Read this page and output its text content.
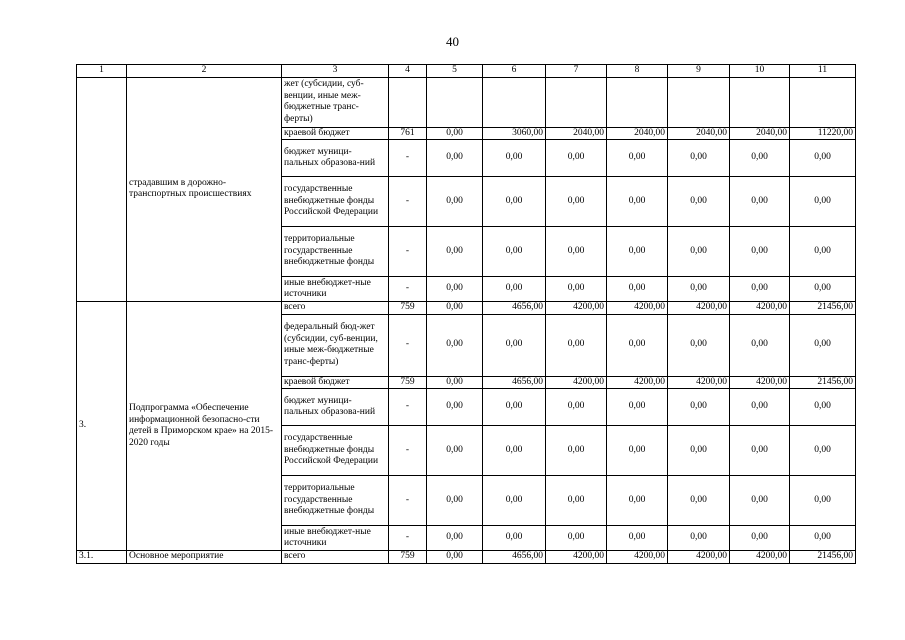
40
1	2	3	4	5	6	7	8	9	10	11
	страдавшим в дорожно-транспортных происшествиях	жет (субсидии, суб-венции, иные меж-бюджетные транс-ферты)								
		краевой бюджет	761	0,00	3060,00	2040,00	2040,00	2040,00	2040,00	11220,00
		бюджет муници-пальных образова-ний	-	0,00	0,00	0,00	0,00	0,00	0,00	0,00
		государственные внебюджетные фонды Российской Федерации	-	0,00	0,00	0,00	0,00	0,00	0,00	0,00
		территориальные государственные внебюджетные фонды	-	0,00	0,00	0,00	0,00	0,00	0,00	0,00
		иные внебюджет-ные источники	-	0,00	0,00	0,00	0,00	0,00	0,00	0,00
3.	Подпрограмма «Обеспечение информационной безопасно-сти детей в Приморском крае» на 2015-2020 годы	всего	759	0,00	4656,00	4200,00	4200,00	4200,00	4200,00	21456,00
		федеральный бюд-жет (субсидии, суб-венции, иные меж-бюджетные транс-ферты)	-	0,00	0,00	0,00	0,00	0,00	0,00	0,00
		краевой бюджет	759	0,00	4656,00	4200,00	4200,00	4200,00	4200,00	21456,00
		бюджет муници-пальных образова-ний	-	0,00	0,00	0,00	0,00	0,00	0,00	0,00
		государственные внебюджетные фонды Российской Федерации	-	0,00	0,00	0,00	0,00	0,00	0,00	0,00
		территориальные государственные внебюджетные фонды	-	0,00	0,00	0,00	0,00	0,00	0,00	0,00
		иные внебюджет-ные источники	-	0,00	0,00	0,00	0,00	0,00	0,00	0,00
3.1.	Основное мероприятие	всего	759	0,00	4656,00	4200,00	4200,00	4200,00	4200,00	21456,00
